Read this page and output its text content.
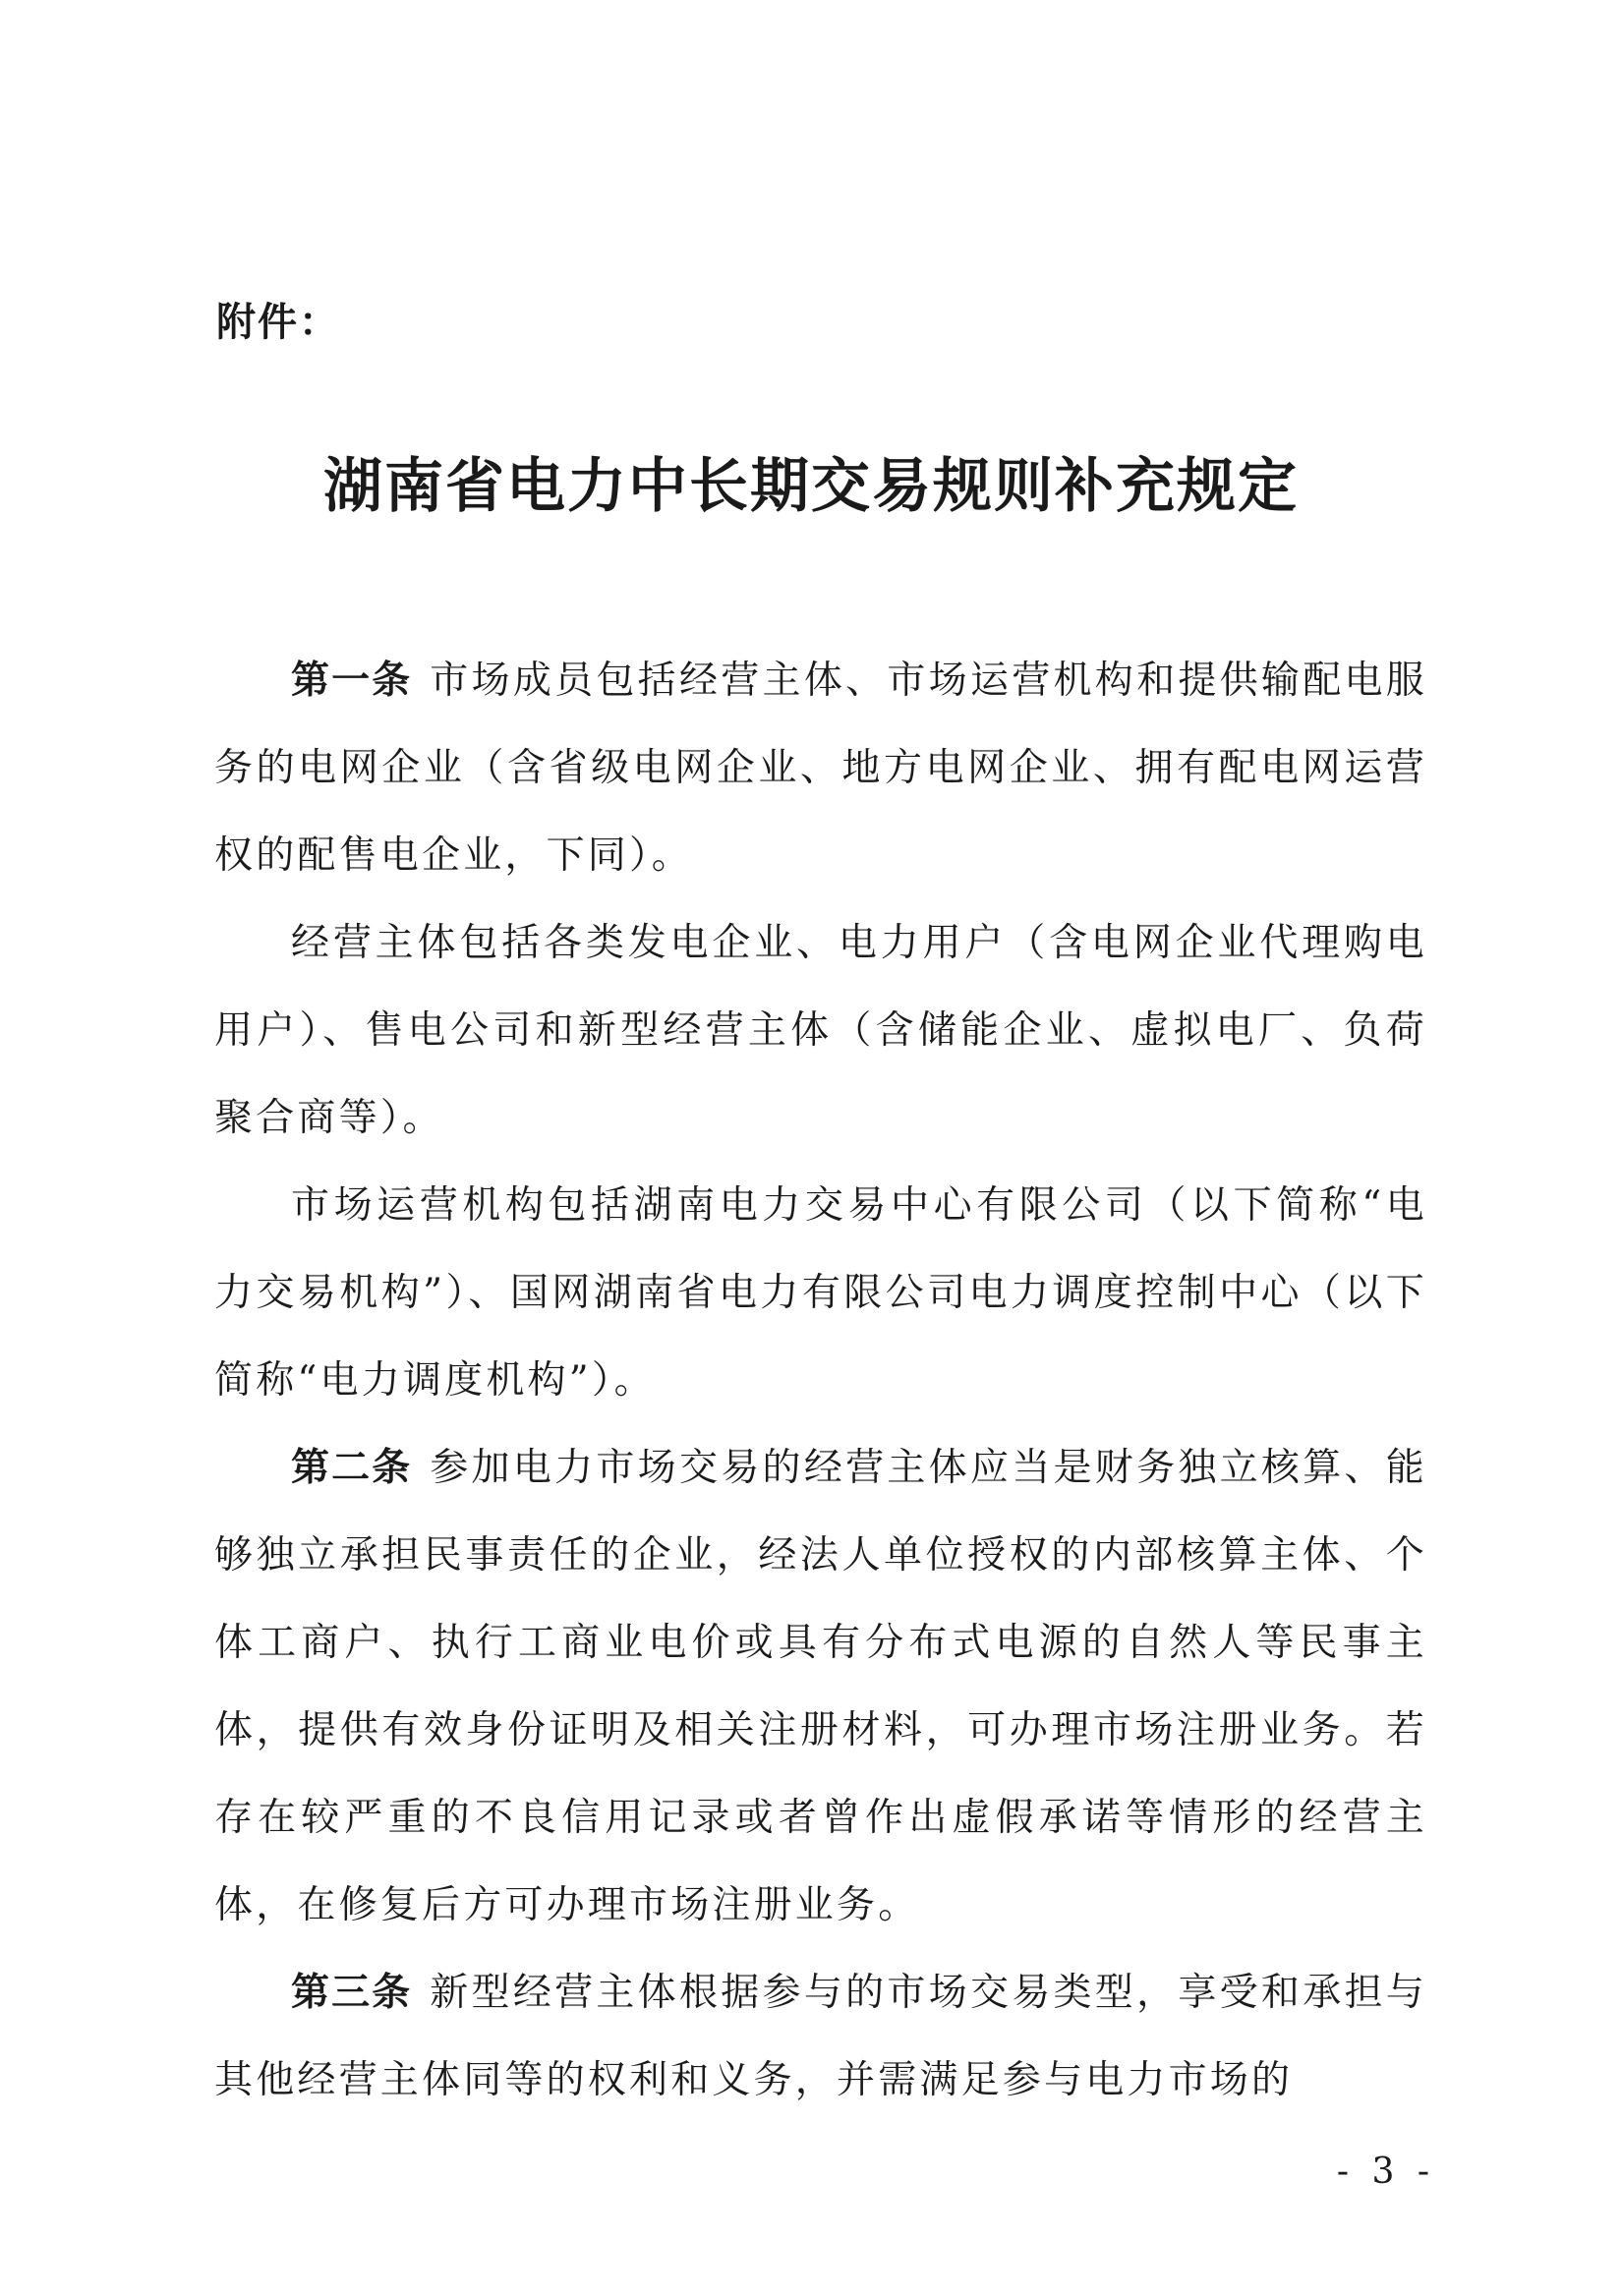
附件：
湖南省电力中长期交易规则补充规定

第一条 市场成员包括经营主体、市场运营机构和提供输配电服务的电网企业（含省级电网企业、地方电网企业、拥有配电网运营权的配售电企业，下同）。

经营主体包括各类发电企业、电力用户（含电网企业代理购电用户）、售电公司和新型经营主体（含储能企业、虚拟电厂、负荷聚合商等）。

市场运营机构包括湖南电力交易中心有限公司（以下简称“电力交易机构”）、国网湖南省电力有限公司电力调度控制中心（以下简称“电力调度机构”）。

第二条 参加电力市场交易的经营主体应当是财务独立核算、能够独立承担民事责任的企业，经法人单位授权的内部核算主体、个体工商户、执行工商业电价或具有分布式电源的自然人等民事主体，提供有效身份证明及相关注册材料，可办理市场注册业务。若存在较严重的不良信用记录或者曾作出虚假承诺等情形的经营主体，在修复后方可办理市场注册业务。

第三条 新型经营主体根据参与的市场交易类型，享受和承担与其他经营主体同等的权利和义务，并需满足参与电力市场的

- 3 -
